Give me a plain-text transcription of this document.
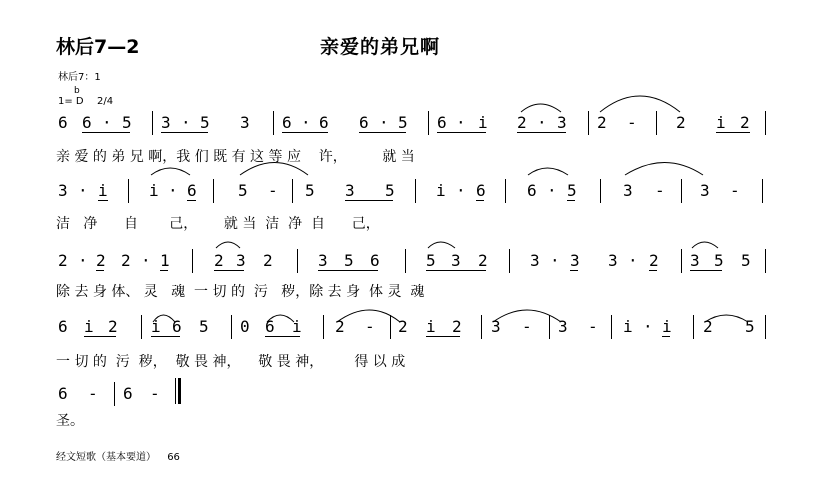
林后7—2	亲爱的弟兄啊
林后7：1
1= D
b
2/4
6 6 · 5 3 · 5 3 6 · 6 6 · 5 6 · i 2 · 3 2 - 2 i 2
亲 爱 的 弟 兄 啊，我 们 既 有 这 等 应    许，        就 当
3 · i	i · 6	5 - 5 3 5	i · 6	6 · 5	3 - 3 -
洁   净      自       己，      就 当  洁  净  自      己，
2 · 2 2 · 1	2 3 2	3 5 6	5 3 2	3 · 3 3 · 2 3 5 5
除 去 身 体、 灵   魂  一 切 的  污   秽，除 去 身  体 灵  魂
6 i 2 i 6 5 0 6 i 2 - 2 i 2 3 - 3 - i · i 2 5
一 切 的  污  秽，  敬 畏 神，    敬 畏 神，       得 以 成
6 - 6 -
圣。
经文短歌（基本要道） 66
